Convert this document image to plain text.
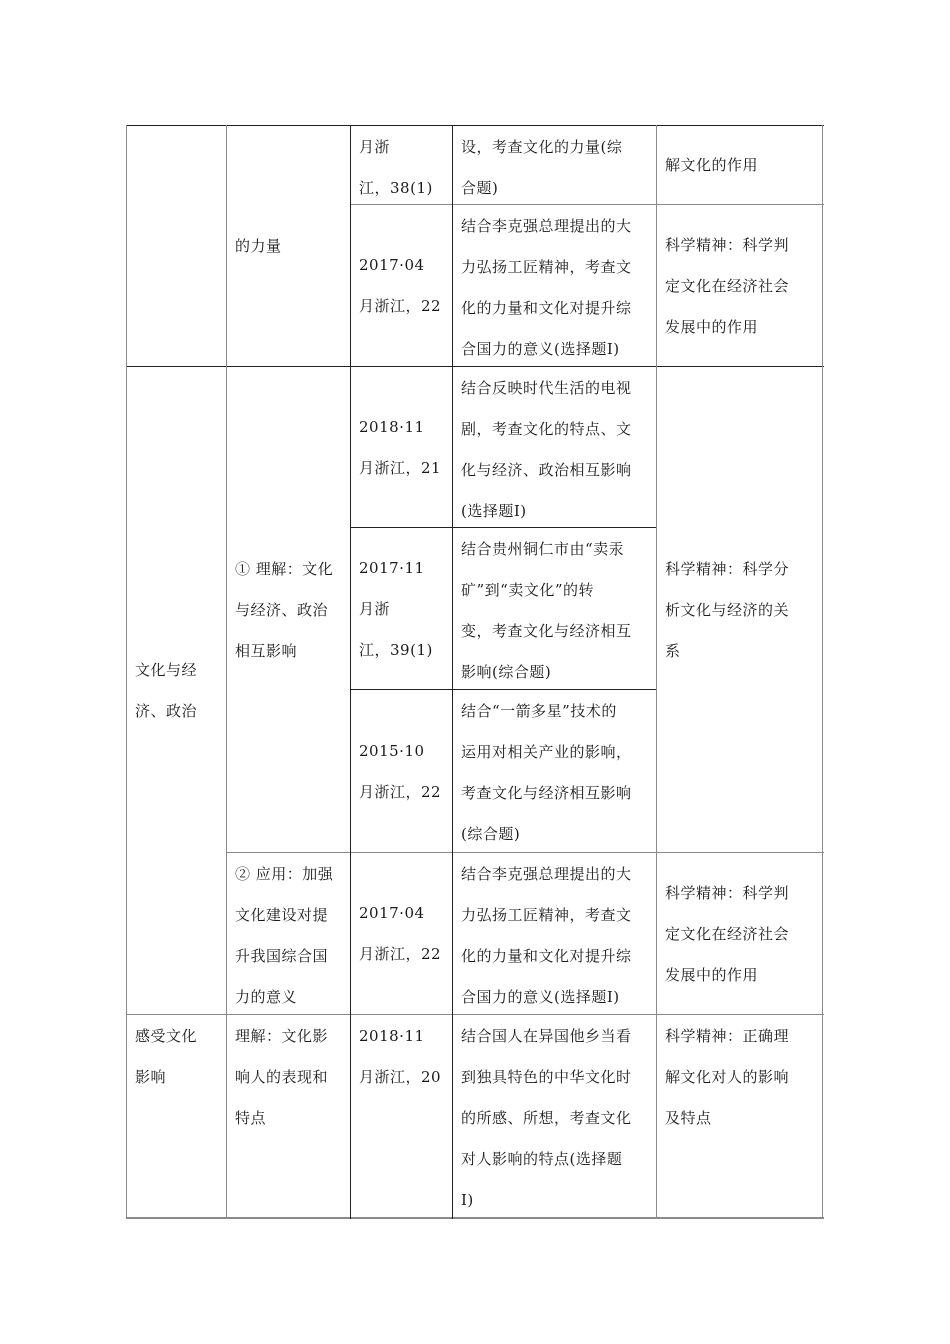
的力量
月浙
江，38(1)
设，考查文化的力量(综
合题)
解文化的作用
2017·04
月浙江，22
结合李克强总理提出的大
力弘扬工匠精神，考查文
化的力量和文化对提升综
合国力的意义(选择题Ⅰ)
科学精神：科学判
定文化在经济社会
发展中的作用
文化与经
济、政治
① 理解：文化
与经济、政治
相互影响
2018·11
月浙江，21
结合反映时代生活的电视
剧，考查文化的特点、文
化与经济、政治相互影响
(选择题Ⅰ)
2017·11
月浙
江，39(1)
结合贵州铜仁市由“卖汞
矿”到“卖文化”的转
变，考查文化与经济相互
影响(综合题)
2015·10
月浙江，22
结合“一箭多星”技术的
运用对相关产业的影响，
考查文化与经济相互影响
(综合题)
科学精神：科学分
析文化与经济的关
系
② 应用：加强
文化建设对提
升我国综合国
力的意义
2017·04
月浙江，22
结合李克强总理提出的大
力弘扬工匠精神，考查文
化的力量和文化对提升综
合国力的意义(选择题Ⅰ)
科学精神：科学判
定文化在经济社会
发展中的作用
感受文化
影响
理解：文化影
响人的表现和
特点
2018·11
月浙江，20
结合国人在异国他乡当看
到独具特色的中华文化时
的所感、所想，考查文化
对人影响的特点(选择题
Ⅰ)
科学精神：正确理
解文化对人的影响
及特点
